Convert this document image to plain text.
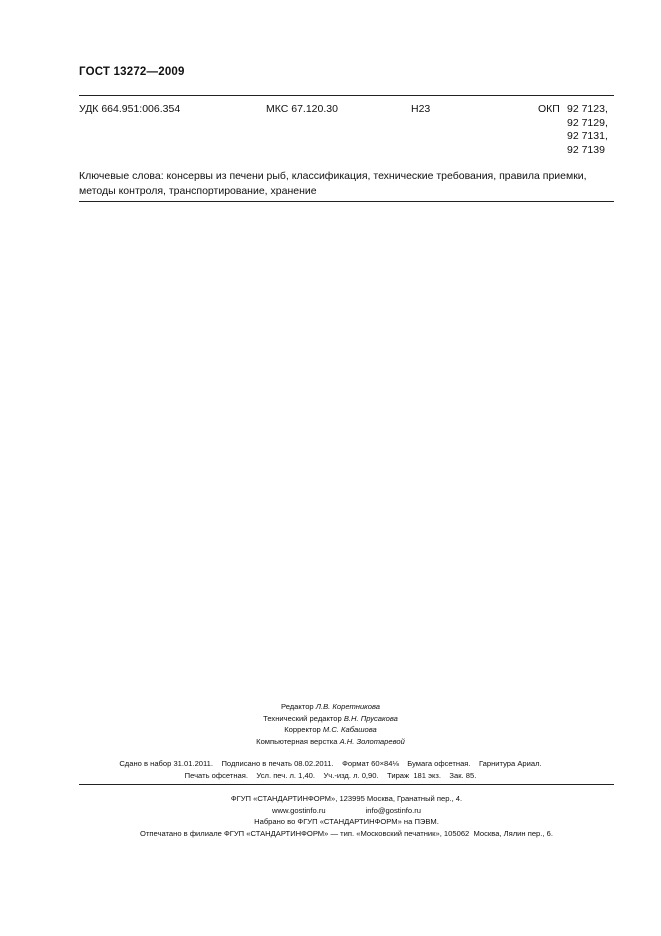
ГОСТ 13272—2009
УДК 664.951:006.354	МКС 67.120.30	Н23	ОКП 92 7123,
92 7129,
92 7131,
92 7139
Ключевые слова: консервы из печени рыб, классификация, технические требования, правила приемки, методы контроля, транспортирование, хранение
Редактор Л.В. Коретникова
Технический редактор В.Н. Прусакова
Корректор М.С. Кабашова
Компьютерная верстка А.Н. Золотаревой
Сдано в набор 31.01.2011.    Подписано в печать 08.02.2011.    Формат 60×84⅛    Бумага офсетная.    Гарнитура Ариал.
Печать офсетная.    Усл. печ. л. 1,40.    Уч.-изд. л. 0,90.    Тираж  181 экз.    Зак. 85.
ФГУП «СТАНДАРТИНФОРМ», 123995 Москва, Гранатный пер., 4.
www.gostinfo.ru	info@gostinfo.ru
Набрано во ФГУП «СТАНДАРТИНФОРМ» на ПЭВМ.
Отпечатано в филиале ФГУП «СТАНДАРТИНФОРМ» — тип. «Московский печатник», 105062  Москва, Лялин пер., 6.
